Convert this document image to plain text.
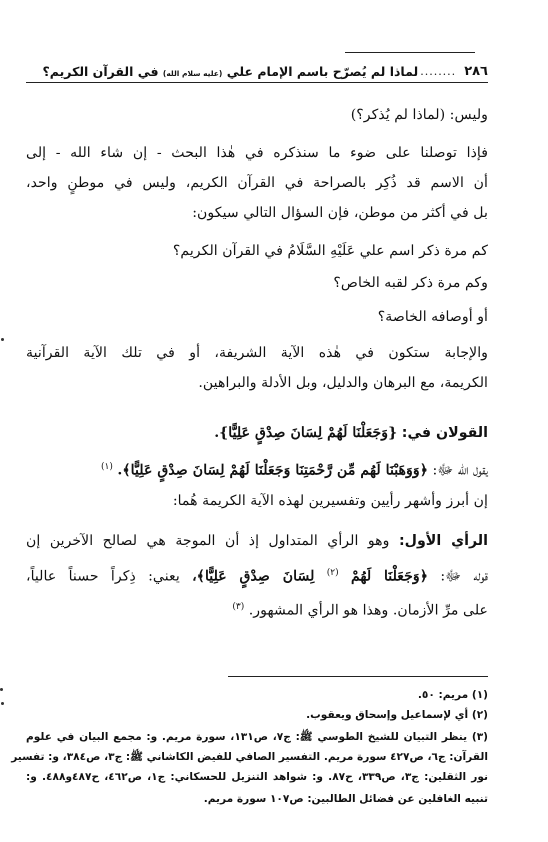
٢٨٦
........
لماذا لم يُصرّح باسم الإمام علي (عليه سلام الله) في القرآن الكريم؟
وليس: (لماذا لم يُذكر؟)
فإذا توصلنا على ضوء ما سنذكره في هٰذا البحث - إن شاء الله - إلى
أن الاسم قد ذُكِر بالصراحة في القرآن الكريم، وليس في موطنٍ واحد،
بل في أكثر من موطن، فإن السؤال التالي سيكون:
كم مرة ذكر اسم علي عَلَيْهِ السَّلَامُ في القرآن الكريم؟
وكم مرة ذكر لقبه الخاص؟
أو أوصافه الخاصة؟
والإجابة ستكون في هٰذه الآية الشريفة، أو في تلك الآية القرآنية
الكريمة، مع البرهان والدليل، وبل الأدلة والبراهين.
القولان في: {وَجَعَلْنَا لَهُمْ لِسَانَ صِدْقٍ عَلِيًّا}.
يقول الله ﷻ: ﴿وَوَهَبْنَا لَهُم مِّن رَّحْمَتِنَا وَجَعَلْنَا لَهُمْ لِسَانَ صِدْقٍ عَلِيًّا﴾. $^{(١)}$
إن أبرز وأشهر رأيين وتفسيرين لهذه الآية الكريمة هُما:
الرأي الأول: وهو الرأي المتداول إذ أن الموجة هي لصالح الآخرين إن
قوله ﷻ: ﴿وَجَعَلْنَا لَهُمْ $^{(٢)}$ لِسَانَ صِدْقٍ عَلِيًّا﴾، يعني: ذِكراً حسناً عالياً،
على مرِّ الأزمان. وهذا هو الرأي المشهور. $^{(٣)}$
(١) مريم: ٥٠.
(٢) أي لإسماعيل وإسحاق ويعقوب.
(٣) ينظر التبيان للشيخ الطوسي ﷺ: ج٧، ص١٣١، سورة مريم. و: مجمع البيان في علوم
القرآن: ج٦، ص٤٢٧ سورة مريم. التفسير الصافي للفيض الكاشاني ﷺ: ج٣، ص٣٨٤، و: تفسير
نور الثقلين: ج٣، ص٣٣٩، ح٨٧. و: شواهد التنزيل للحسكاني: ج١، ص٤٦٢، ح٤٨٧و٤٨٨. و:
تنبيه الغافلين عن فضائل الطالبين: ص١٠٧ سورة مريم.
